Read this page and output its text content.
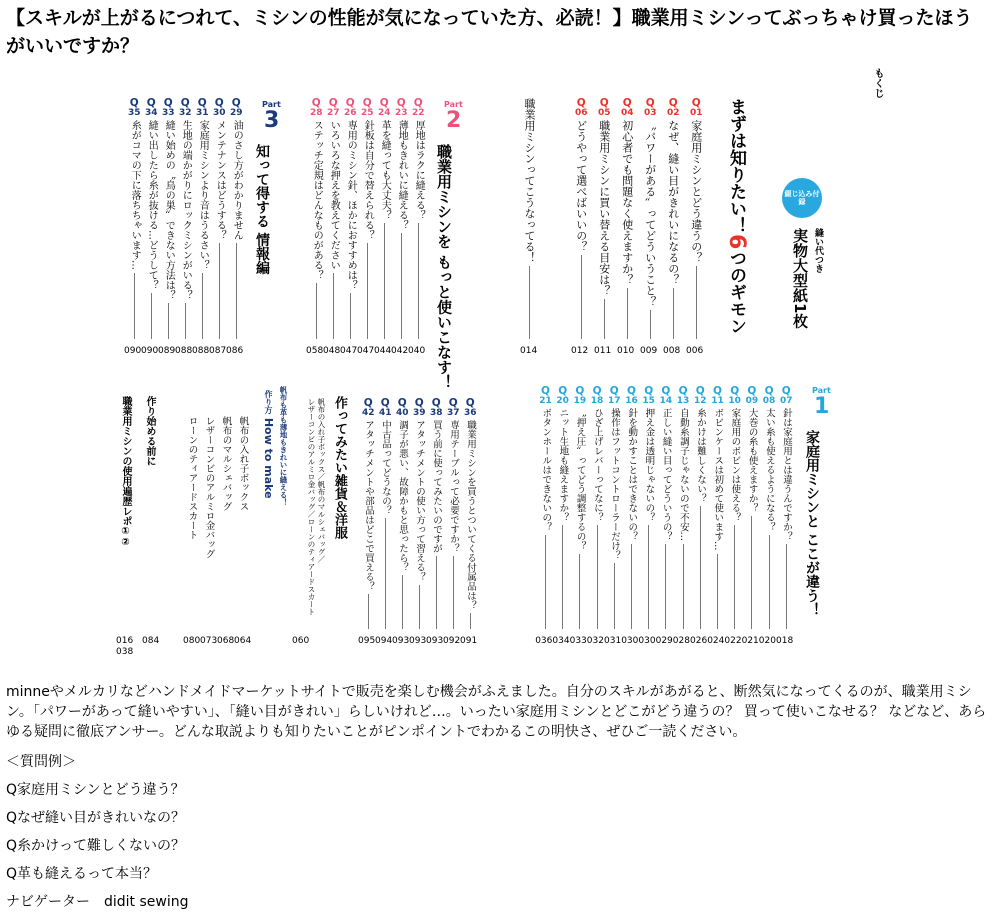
【スキルが上がるにつれて、ミシンの性能が気になっていた方、必読！】職業用ミシンってぶっちゃけ買ったほうがいいですか？
もくじ
綴じ込み付録
縫い代つき
実物大型紙1枚
まずは知りたい！6つのギモン
Q
01
家庭用ミシンとどう違うの？
006
Q
02
なぜ、縫い目がきれいになるの？
008
Q
03
〝パワーがある〟ってどういうこと？
009
Q
04
初心者でも問題なく使えますか？
010
Q
05
職業用ミシンに買い替える目安は？
011
Q
06
どうやって選べばいいの？
012
職業用ミシンってこうなってる！
014
Part
2
職業用ミシンを もっと使いこなす！
Q
22
厚地はラクに縫える？
040
Q
23
薄地もきれいに縫える？
042
Q
24
革を縫っても大丈夫？
044
Q
25
針板は自分で替えられる？
047
Q
26
専用のミシン針、ほかにおすすめは？
047
Q
27
いろいろな押えを教えてください
048
Q
28
ステッチ定規はどんなものがある？
058
Part
3
知って得する 情報編
Q
29
油のさし方がわかりません
086
Q
30
メンテナンスはどうする？
087
Q
31
家庭用ミシンより音はうるさい？
088
Q
32
生地の端かがりにロックミシンがいる？
088
Q
33
縫い始めの〝鳥の巣〟できない方法は？
089
Q
34
縫い出したら糸が抜ける…どうして？
090
Q
35
糸がコマの下に落ちちゃいます…
090
Part
1
家庭用ミシンと ここが違う！
Q
07
針は家庭用とは違うんですか？
018
Q
08
太い糸も使えるようになる？
020
Q
09
大巻の糸も使えますか？
021
Q
10
家庭用のボビンは使える？
022
Q
11
ボビンケースは初めて使います…
024
Q
12
糸かけは難しくない？
026
Q
13
自動糸調子じゃないので不安…
028
Q
14
正しい縫い目ってどういうの？
029
Q
15
押え金は透明じゃないの？
030
Q
16
針を動かすことはできないの？
030
Q
17
操作はフットコントローラーだけ？
031
Q
18
ひざ上げレバーってなに？
032
Q
19
〝押え圧〟ってどう調整するの？
033
Q
20
ニット生地も縫えますか？
034
Q
21
ボタンホールはできないの？
036
Q
36
職業用ミシンを買うとついてくる付属品は？
091
Q
37
専用テーブルって必要ですか？
092
Q
38
買う前に使ってみたいのですが
093
Q
39
アタッチメントの使い方って習える？
093
Q
40
調子が悪い、故障かもと思ったら？
093
Q
41
中古品ってどうなの？
094
Q
42
アタッチメントや部品はどこで買える？
095
作ってみたい雑貨＆洋服
帆布の入れ子ボックス／帆布のマルシェバッグ／
レザーコンビのアルミロ金バッグ／ローンのティアードスカート
060
帆布も革も薄地もきれいに縫える！
作り方 How to make
帆布の入れ子ボックス
064
帆布のマルシェバッグ
068
レザーコンビのアルミロ金バッグ
073
ローンのティアードスカート
080
作り始める前に
084
職業用ミシンの使用遍歴レポ①②
016
038

minneやメルカリなどハンドメイドマーケットサイトで販売を楽しむ機会がふえました。自分のスキルがあがると、断然気になってくるのが、職業用ミシン。「パワーがあって縫いやすい」、「縫い目がきれい」らしいけれど…。いったい家庭用ミシンとどこがどう違うの？ 買って使いこなせる？ などなど、あらゆる疑問に徹底アンサー。どんな取説よりも知りたいことがピンポイントでわかるこの明快さ、ぜひご一読ください。

＜質問例＞

Q家庭用ミシンとどう違う？

Qなぜ縫い目がきれいなの？

Q糸かけって難しくないの？

Q革も縫えるって本当？

ナビゲーター　didit sewing
